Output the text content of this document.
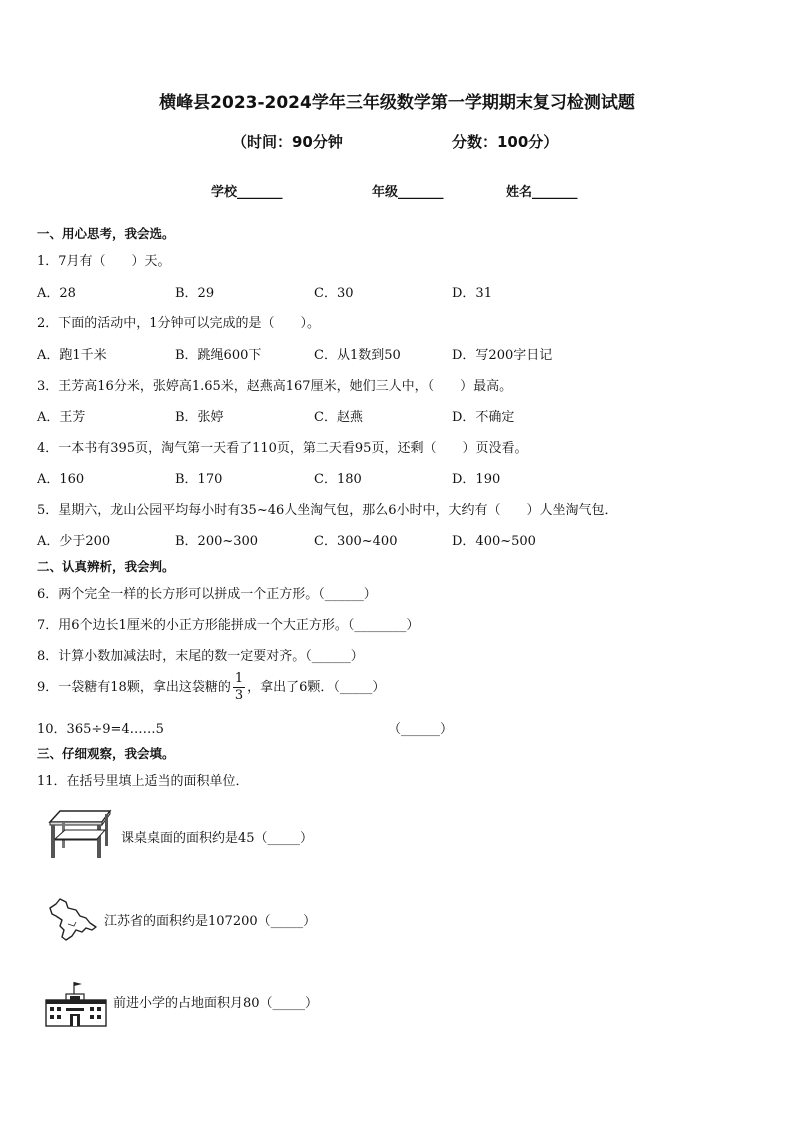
横峰县2023-2024学年三年级数学第一学期期末复习检测试题
（时间：90分钟	分数：100分）
学校_______	年级_______	姓名_______
一、用心思考，我会选。
1．7月有（　　）天。
A．28	B．29	C．30	D．31
2．下面的活动中，1分钟可以完成的是（　　）。
A．跑1千米	B．跳绳600下	C．从1数到50	D．写200字日记
3．王芳高16分米，张婷高1.65米，赵燕高167厘米，她们三人中，（　　）最高。
A．王芳	B．张婷	C．赵燕	D．不确定
4．一本书有395页，淘气第一天看了110页，第二天看95页，还剩（　　）页没看。
A．160	B．170	C．180	D．190
5．星期六，龙山公园平均每小时有35~46人坐淘气包，那么6小时中，大约有（　　）人坐淘气包．
A．少于200	B．200~300	C．300~400	D．400~500
二、认真辨析，我会判。
6．两个完全一样的长方形可以拼成一个正方形。（______）
7．用6个边长1厘米的小正方形能拼成一个大正方形。（________）
8．计算小数加减法时，末尾的数一定要对齐。（______）
9．一袋糖有18颗，拿出这袋糖的 $\frac{1}{3}$ ，拿出了6颗．（_____）
10．365÷9=4……5	（______）
三、仔细观察，我会填。
11．在括号里填上适当的面积单位．
课桌桌面的面积约是45（_____）
江苏省的面积约是107200（_____）
前进小学的占地面积月80（_____）
